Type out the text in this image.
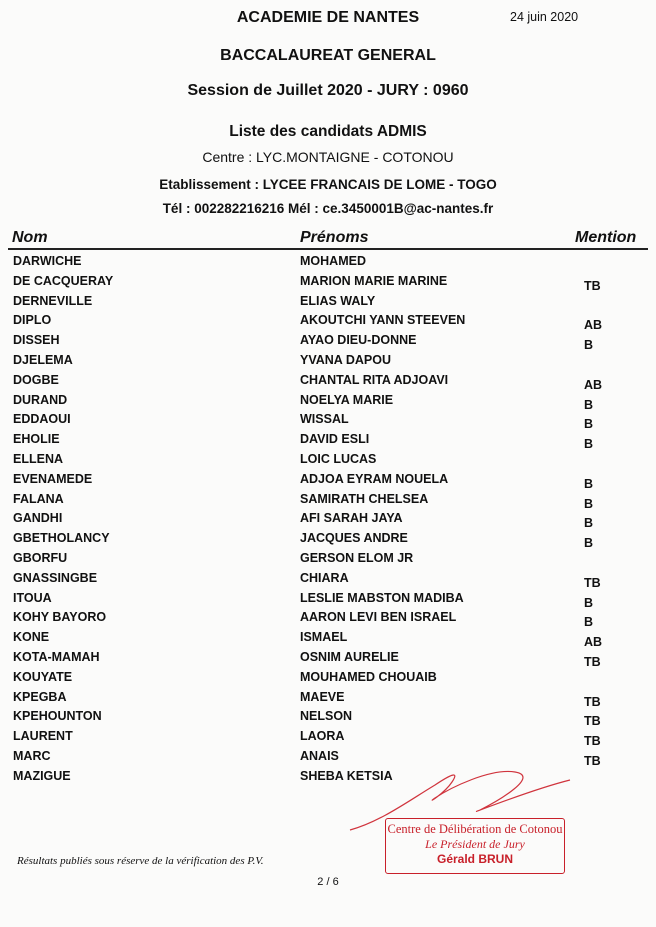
ACADEMIE DE NANTES	24 juin 2020
BACCALAUREAT GENERAL
Session de Juillet 2020 - JURY : 0960
Liste des candidats ADMIS
Centre : LYC.MONTAIGNE - COTONOU
Etablissement : LYCEE FRANCAIS DE LOME - TOGO
Tél : 002282216216 Mél : ce.3450001B@ac-nantes.fr
Nom	Prénoms	Mention
DARWICHE	MOHAMED
DE CACQUERAY	MARION MARIE MARINE	TB
DERNEVILLE	ELIAS WALY
DIPLO	AKOUTCHI YANN STEEVEN	AB
DISSEH	AYAO DIEU-DONNE	B
DJELEMA	YVANA DAPOU
DOGBE	CHANTAL RITA ADJOAVI	AB
DURAND	NOELYA MARIE	B
EDDAOUI	WISSAL	B
EHOLIE	DAVID ESLI	B
ELLENA	LOIC LUCAS
EVENAMEDE	ADJOA EYRAM NOUELA	B
FALANA	SAMIRATH CHELSEA	B
GANDHI	AFI SARAH JAYA	B
GBETHOLANCY	JACQUES ANDRE	B
GBORFU	GERSON ELOM JR
GNASSINGBE	CHIARA	TB
ITOUA	LESLIE MABSTON MADIBA	B
KOHY BAYORO	AARON LEVI BEN ISRAEL	B
KONE	ISMAEL	AB
KOTA-MAMAH	OSNIM AURELIE	TB
KOUYATE	MOUHAMED CHOUAIB
KPEGBA	MAEVE	TB
KPEHOUNTON	NELSON	TB
LAURENT	LAORA	TB
MARC	ANAIS	TB
MAZIGUE	SHEBA KETSIA
Centre de Délibération de Cotonou
Le Président de Jury
Gérald BRUN
Résultats publiés sous réserve de la vérification des P.V.
2 / 6
